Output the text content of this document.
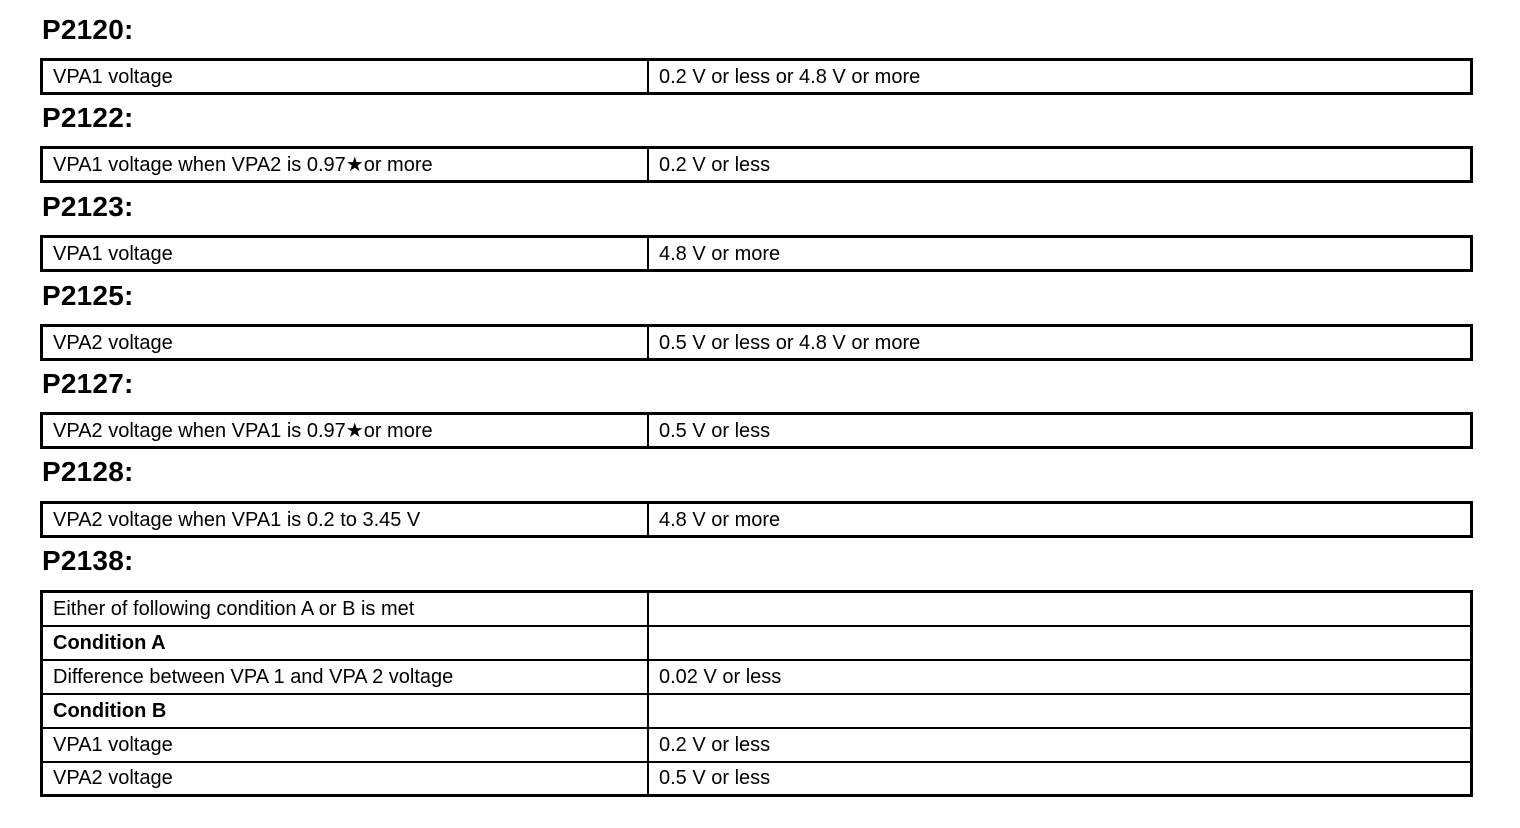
P2120:
VPA1 voltage	0.2 V or less or 4.8 V or more
P2122:
VPA1 voltage when VPA2 is 0.97★or more	0.2 V or less
P2123:
VPA1 voltage	4.8 V or more
P2125:
VPA2 voltage	0.5 V or less or 4.8 V or more
P2127:
VPA2 voltage when VPA1 is 0.97★or more	0.5 V or less
P2128:
VPA2 voltage when VPA1 is 0.2 to 3.45 V	4.8 V or more
P2138:
Either of following condition A or B is met	
Condition A	
Difference between VPA 1 and VPA 2 voltage	0.02 V or less
Condition B	
VPA1 voltage	0.2 V or less
VPA2 voltage	0.5 V or less
